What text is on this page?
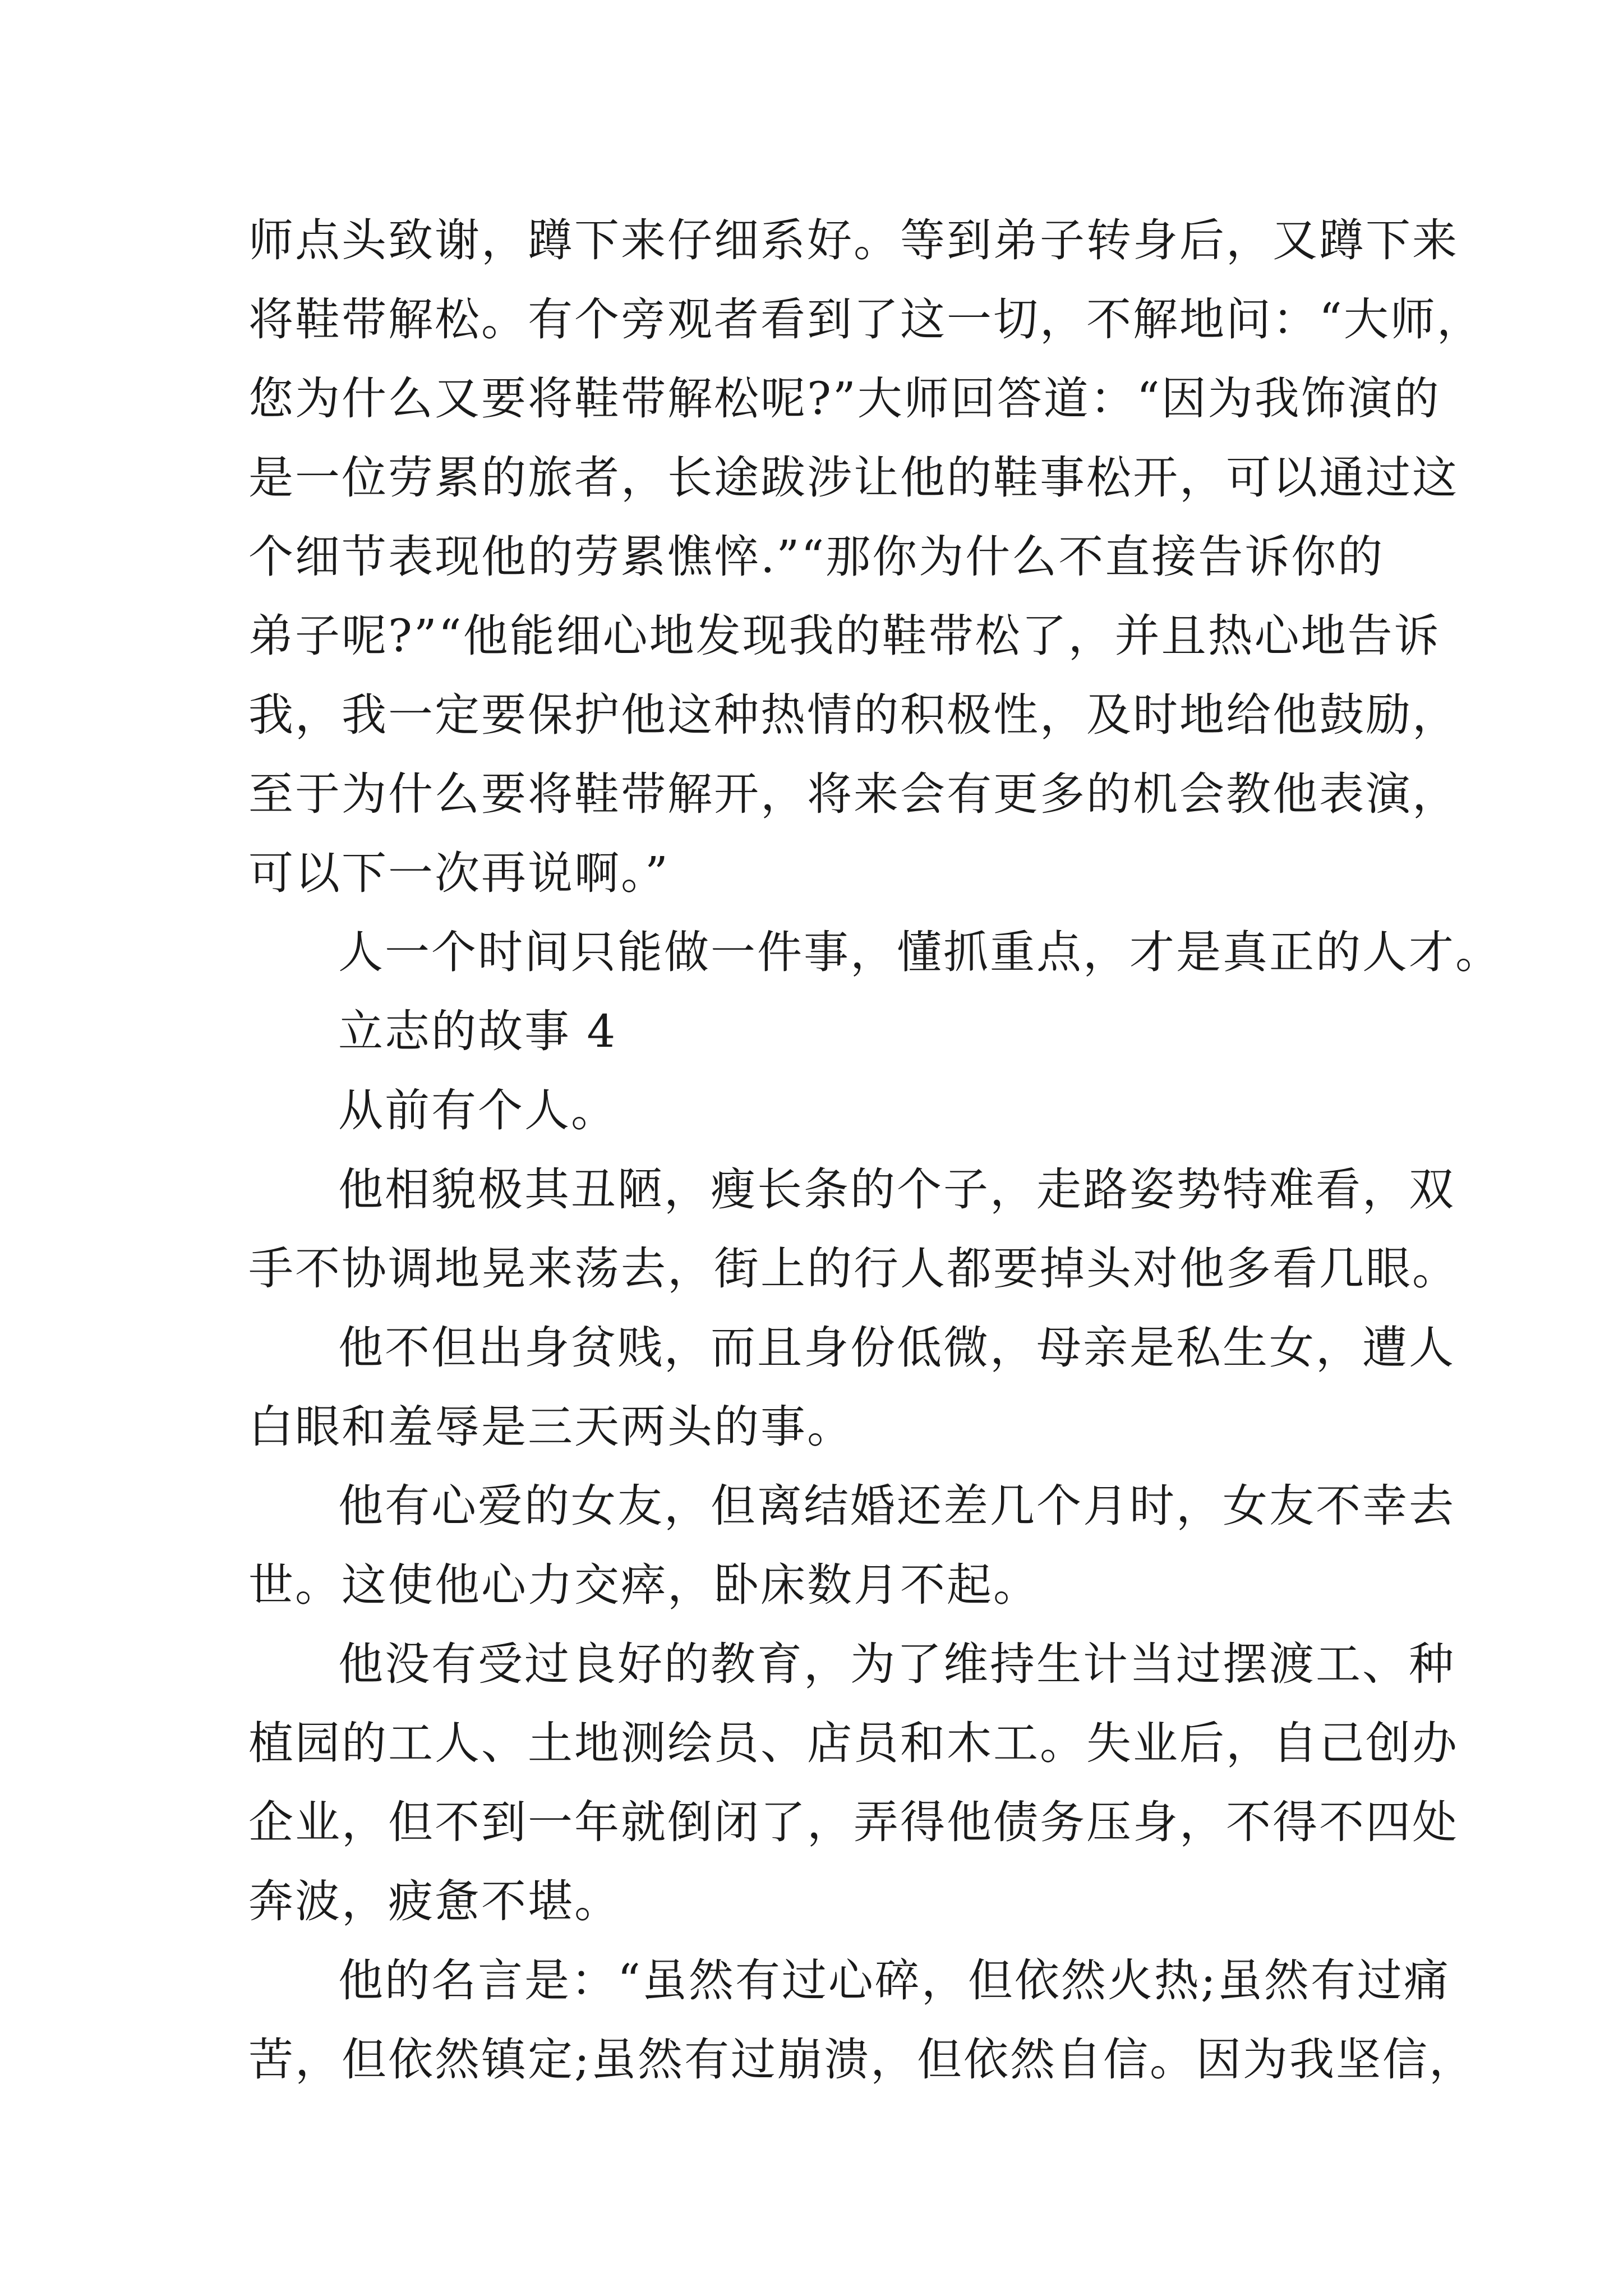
师点头致谢，蹲下来仔细系好。等到弟子转身后，又蹲下来
将鞋带解松。有个旁观者看到了这一切，不解地问：“大师，
您为什么又要将鞋带解松呢?”大师回答道：“因为我饰演的
是一位劳累的旅者，长途跋涉让他的鞋事松开，可以通过这
个细节表现他的劳累憔悴.”“那你为什么不直接告诉你的
弟子呢?”“他能细心地发现我的鞋带松了，并且热心地告诉
我，我一定要保护他这种热情的积极性，及时地给他鼓励，
至于为什么要将鞋带解开，将来会有更多的机会教他表演，
可以下一次再说啊。”
人一个时间只能做一件事，懂抓重点，才是真正的人才。
立志的故事 4
从前有个人。
他相貌极其丑陋，瘦长条的个子，走路姿势特难看，双
手不协调地晃来荡去，街上的行人都要掉头对他多看几眼。
他不但出身贫贱，而且身份低微，母亲是私生女，遭人
白眼和羞辱是三天两头的事。
他有心爱的女友，但离结婚还差几个月时，女友不幸去
世。这使他心力交瘁，卧床数月不起。
他没有受过良好的教育，为了维持生计当过摆渡工、种
植园的工人、土地测绘员、店员和木工。失业后，自己创办
企业，但不到一年就倒闭了，弄得他债务压身，不得不四处
奔波，疲惫不堪。
他的名言是：“虽然有过心碎，但依然火热;虽然有过痛
苦，但依然镇定;虽然有过崩溃，但依然自信。因为我坚信，
